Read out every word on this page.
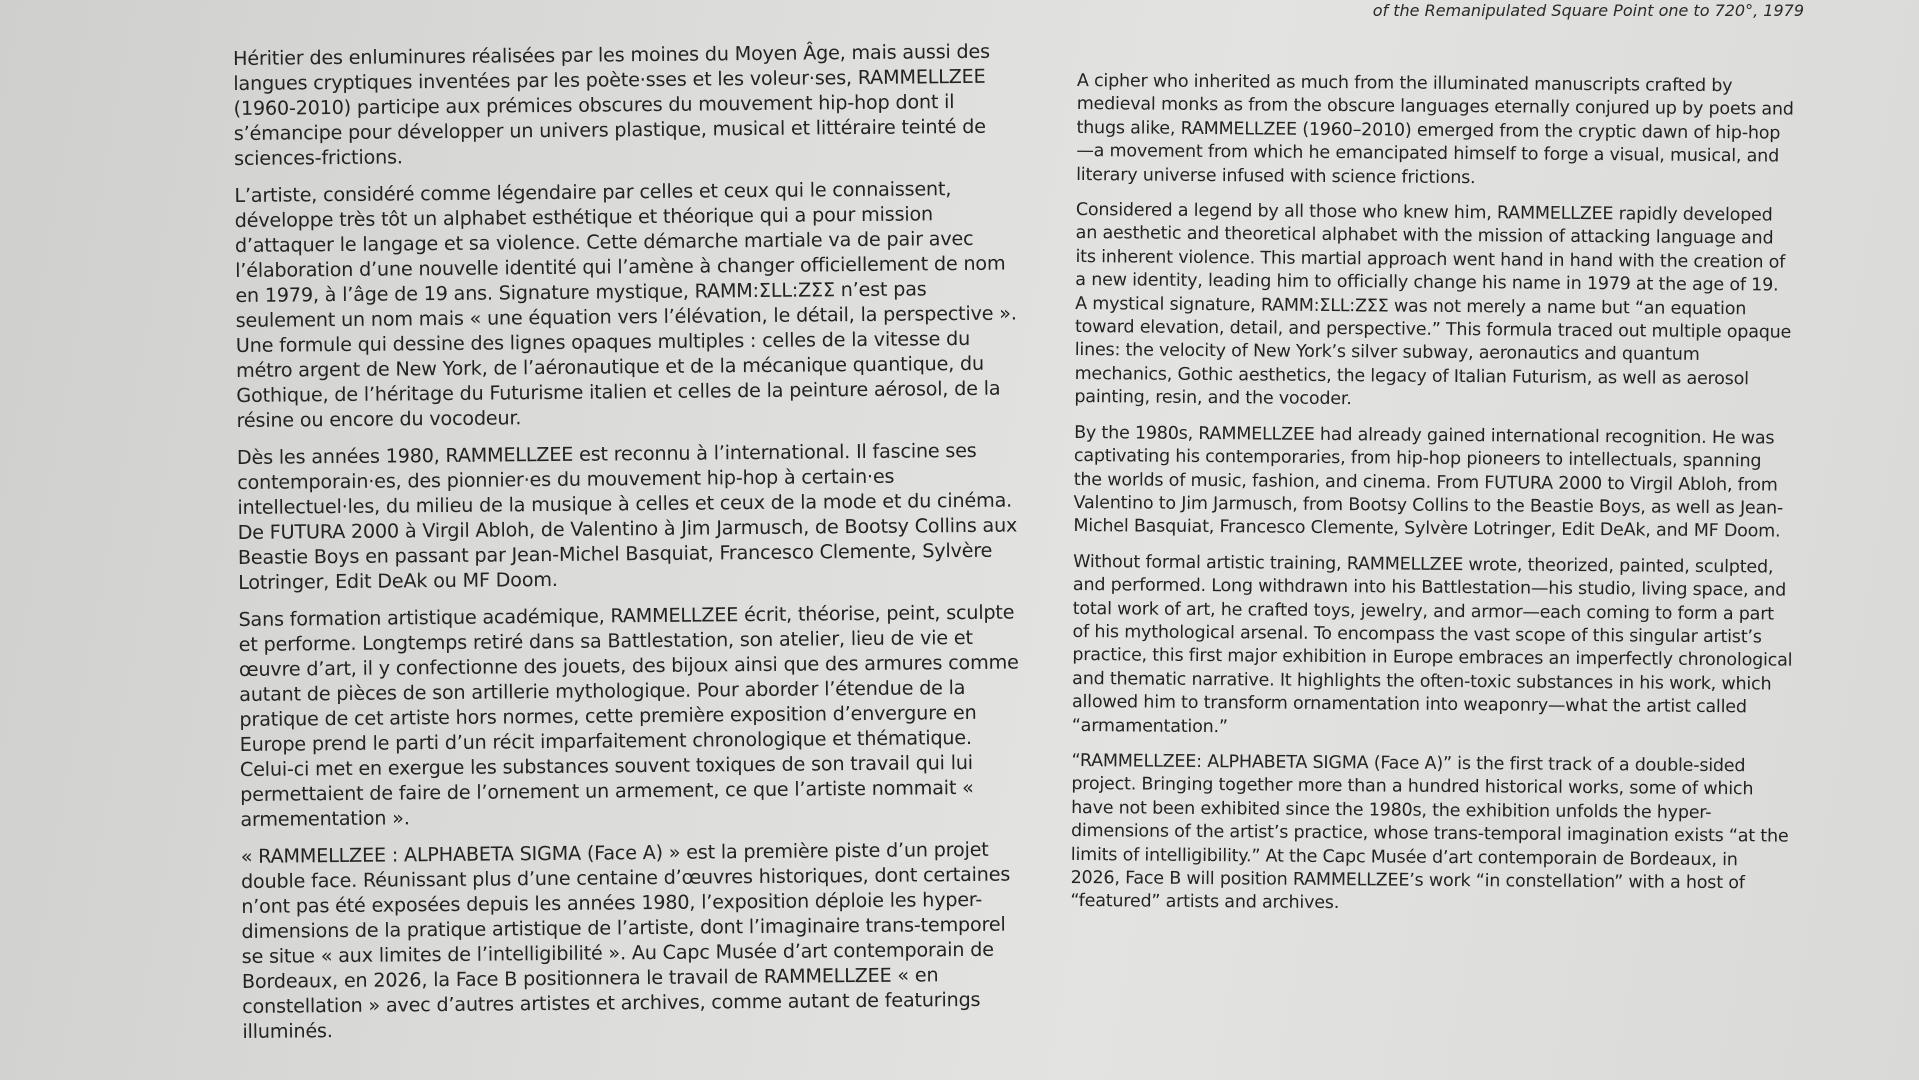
of the Remanipulated Square Point one to 720°, 1979

Héritier des enluminures réalisées par les moines du Moyen Âge, mais aussi des langues cryptiques inventées par les poète·sses et les voleur·ses, RAMMELLZEE (1960-2010) participe aux prémices obscures du mouvement hip-hop dont il s’émancipe pour développer un univers plastique, musical et littéraire teinté de sciences-frictions.

L’artiste, considéré comme légendaire par celles et ceux qui le connaissent, développe très tôt un alphabet esthétique et théorique qui a pour mission d’attaquer le langage et sa violence. Cette démarche martiale va de pair avec l’élaboration d’une nouvelle identité qui l’amène à changer officiellement de nom en 1979, à l’âge de 19 ans. Signature mystique, RAMM:ΣLL:ZΣΣ n’est pas seulement un nom mais « une équation vers l’élévation, le détail, la perspective ». Une formule qui dessine des lignes opaques multiples : celles de la vitesse du métro argent de New York, de l’aéronautique et de la mécanique quantique, du Gothique, de l’héritage du Futurisme italien et celles de la peinture aérosol, de la résine ou encore du vocodeur.

Dès les années 1980, RAMMELLZEE est reconnu à l’international. Il fascine ses contemporain·es, des pionnier·es du mouvement hip-hop à certain·es intellectuel·les, du milieu de la musique à celles et ceux de la mode et du cinéma. De FUTURA 2000 à Virgil Abloh, de Valentino à Jim Jarmusch, de Bootsy Collins aux Beastie Boys en passant par Jean-Michel Basquiat, Francesco Clemente, Sylvère Lotringer, Edit DeAk ou MF Doom.

Sans formation artistique académique, RAMMELLZEE écrit, théorise, peint, sculpte et performe. Longtemps retiré dans sa Battlestation, son atelier, lieu de vie et œuvre d’art, il y confectionne des jouets, des bijoux ainsi que des armures comme autant de pièces de son artillerie mythologique. Pour aborder l’étendue de la pratique de cet artiste hors normes, cette première exposition d’envergure en Europe prend le parti d’un récit imparfaitement chronologique et thématique. Celui-ci met en exergue les substances souvent toxiques de son travail qui lui permettaient de faire de l’ornement un armement, ce que l’artiste nommait « armementation ».

« RAMMELLZEE : ALPHABETA SIGMA (Face A) » est la première piste d’un projet double face. Réunissant plus d’une centaine d’œuvres historiques, dont certaines n’ont pas été exposées depuis les années 1980, l’exposition déploie les hyper-dimensions de la pratique artistique de l’artiste, dont l’imaginaire trans-temporel se situe « aux limites de l’intelligibilité ». Au Capc Musée d’art contemporain de Bordeaux, en 2026, la Face B positionnera le travail de RAMMELLZEE « en constellation » avec d’autres artistes et archives, comme autant de featurings illuminés.

A cipher who inherited as much from the illuminated manuscripts crafted by medieval monks as from the obscure languages eternally conjured up by poets and thugs alike, RAMMELLZEE (1960–2010) emerged from the cryptic dawn of hip-hop—a movement from which he emancipated himself to forge a visual, musical, and literary universe infused with science frictions.

Considered a legend by all those who knew him, RAMMELLZEE rapidly developed an aesthetic and theoretical alphabet with the mission of attacking language and its inherent violence. This martial approach went hand in hand with the creation of a new identity, leading him to officially change his name in 1979 at the age of 19. A mystical signature, RAMM:ΣLL:ZΣΣ was not merely a name but “an equation toward elevation, detail, and perspective.” This formula traced out multiple opaque lines: the velocity of New York’s silver subway, aeronautics and quantum mechanics, Gothic aesthetics, the legacy of Italian Futurism, as well as aerosol painting, resin, and the vocoder.

By the 1980s, RAMMELLZEE had already gained international recognition. He was captivating his contemporaries, from hip-hop pioneers to intellectuals, spanning the worlds of music, fashion, and cinema. From FUTURA 2000 to Virgil Abloh, from Valentino to Jim Jarmusch, from Bootsy Collins to the Beastie Boys, as well as Jean-Michel Basquiat, Francesco Clemente, Sylvère Lotringer, Edit DeAk, and MF Doom.

Without formal artistic training, RAMMELLZEE wrote, theorized, painted, sculpted, and performed. Long withdrawn into his Battlestation—his studio, living space, and total work of art, he crafted toys, jewelry, and armor—each coming to form a part of his mythological arsenal. To encompass the vast scope of this singular artist’s practice, this first major exhibition in Europe embraces an imperfectly chronological and thematic narrative. It highlights the often-toxic substances in his work, which allowed him to transform ornamentation into weaponry—what the artist called “armamentation.”

“RAMMELLZEE: ALPHABETA SIGMA (Face A)” is the first track of a double-sided project. Bringing together more than a hundred historical works, some of which have not been exhibited since the 1980s, the exhibition unfolds the hyper-dimensions of the artist’s practice, whose trans-temporal imagination exists “at the limits of intelligibility.” At the Capc Musée d’art contemporain de Bordeaux, in 2026, Face B will position RAMMELLZEE’s work “in constellation” with a host of “featured” artists and archives.
